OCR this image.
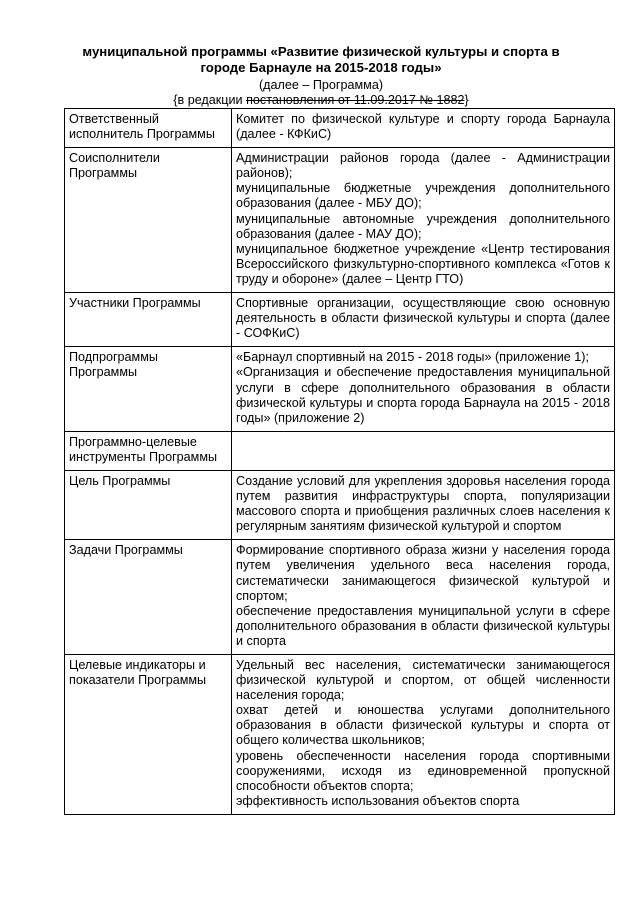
муниципальной программы «Развитие физической культуры и спорта в
городе Барнауле на 2015-2018 годы»
(далее – Программа)
{в редакции постановления от 11.09.2017 № 1882}
Ответственный исполнитель Программы	Комитет по физической культуре и спорту города Барнаула (далее - КФКиС)

Соисполнители Программы	Администрации районов города (далее - Администрации районов);
муниципальные бюджетные учреждения дополнительного образования (далее - МБУ ДО);
муниципальные автономные учреждения дополнительного образования (далее - МАУ ДО);
муниципальное бюджетное учреждение «Центр тестирования Всероссийского физкультурно-спортивного комплекса «Готов к труду и обороне» (далее – Центр ГТО)

Участники Программы	Спортивные организации, осуществляющие свою основную деятельность в области физической культуры и спорта (далее - СОФКиС)

Подпрограммы Программы	«Барнаул спортивный на 2015 - 2018 годы» (приложение 1);
«Организация и обеспечение предоставления муниципальной услуги в сфере дополнительного образования в области физической культуры и спорта города Барнаула на 2015 - 2018 годы» (приложение 2)

Программно-целевые инструменты Программы	

Цель Программы	Создание условий для укрепления здоровья населения города путем развития инфраструктуры спорта, популяризации массового спорта и приобщения различных слоев населения к регулярным занятиям физической культурой и спортом

Задачи Программы	Формирование спортивного образа жизни у населения города путем увеличения удельного веса населения города, систематически занимающегося физической культурой и спортом;
обеспечение предоставления муниципальной услуги в сфере дополнительного образования в области физической культуры и спорта

Целевые индикаторы и показатели Программы	Удельный вес населения, систематически занимающегося физической культурой и спортом, от общей численности населения города;
охват детей и юношества услугами дополнительного образования в области физической культуры и спорта от общего количества школьников;
уровень обеспеченности населения города спортивными сооружениями, исходя из единовременной пропускной способности объектов спорта;
эффективность использования объектов спорта
